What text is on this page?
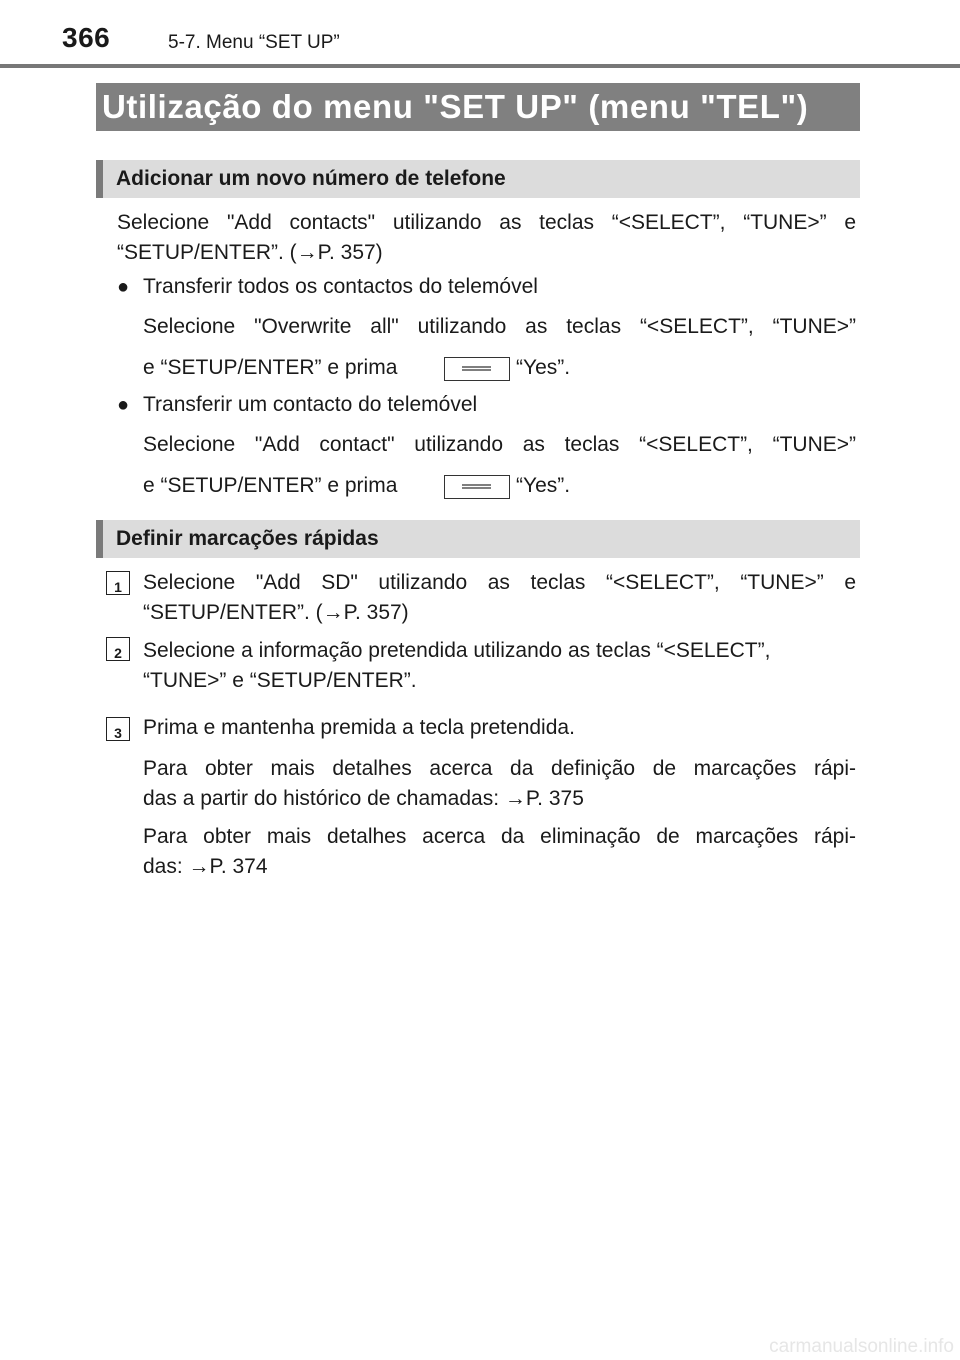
366	5-7. Menu “SET UP”
Utilização do menu "SET UP" (menu "TEL")
Adicionar um novo número de telefone
Selecione "Add contacts" utilizando as teclas “<SELECT”, “TUNE>” e
“SETUP/ENTER”. (→P. 357)
● Transferir todos os contactos do telemóvel
Selecione "Overwrite all" utilizando as teclas “<SELECT”, “TUNE>”
e “SETUP/ENTER” e prima	“Yes”.
● Transferir um contacto do telemóvel
Selecione "Add contact" utilizando as teclas “<SELECT”, “TUNE>”
e “SETUP/ENTER” e prima	“Yes”.
Definir marcações rápidas
1	Selecione "Add SD" utilizando as teclas “<SELECT”, “TUNE>” e
“SETUP/ENTER”. (→P. 357)
2	Selecione a informação pretendida utilizando as teclas “<SELECT”,
“TUNE>” e “SETUP/ENTER”.
3	Prima e mantenha premida a tecla pretendida.
Para obter mais detalhes acerca da definição de marcações rápi-
das a partir do histórico de chamadas: →P. 375
Para obter mais detalhes acerca da eliminação de marcações rápi-
das: →P. 374
carmanualsonline.info
